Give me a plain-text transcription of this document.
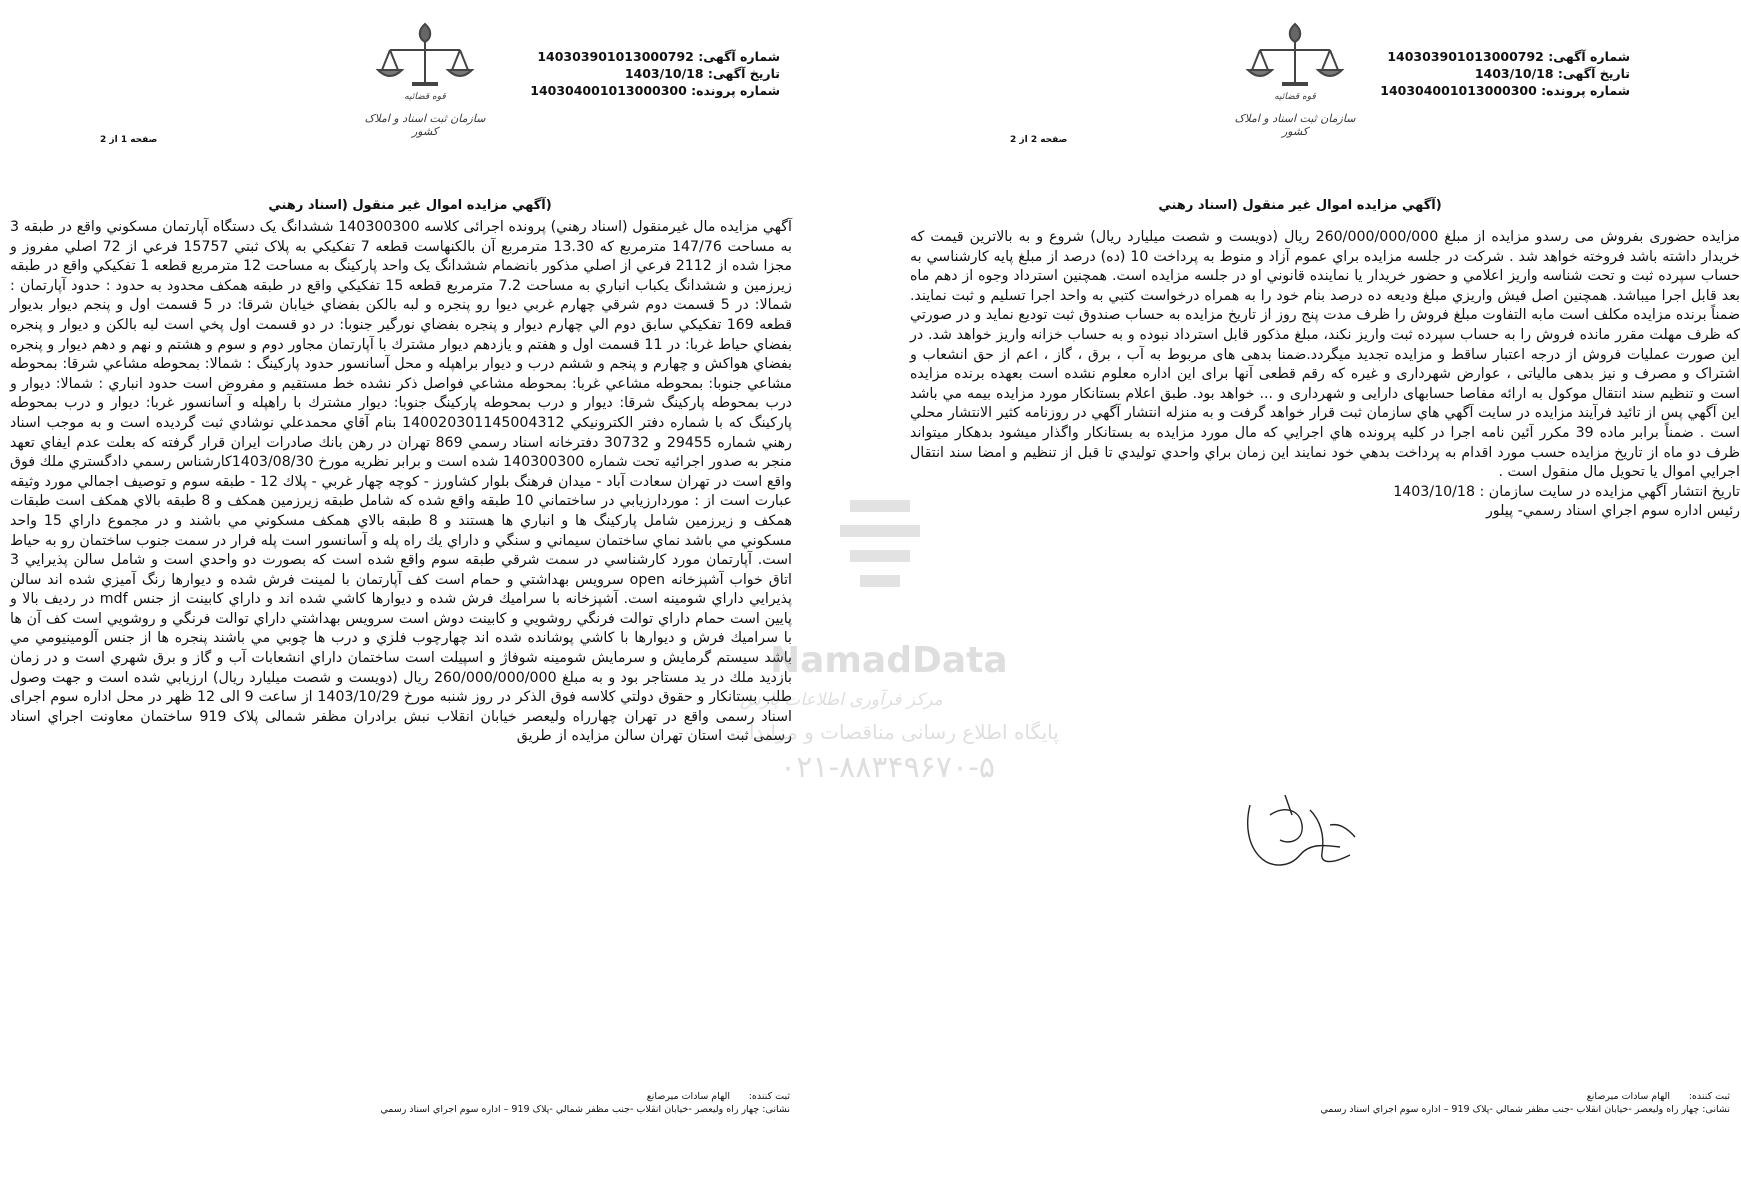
شماره آگهی: 140303901013000792
تاریخ آگهی: 1403/10/18
شماره پرونده: 140304001013000300
قوه قضائیه
سازمان ثبت اسناد و املاک کشور
صفحه 1 از 2
(آگهي مزايده اموال غير منقول (اسناد رهني

آگهي مزايده مال غيرمنقول (اسناد رهني) پرونده اجرائی كلاسه 140300300 ششدانگ یک دستگاه آپارتمان مسکوني واقع در طبقه 3 به مساحت 147/76 مترمربع که 13.30 مترمربع آن بالكنهاست قطعه 7 تفكيكي به پلاک ثبتي 15757 فرعي از 72 اصلي مفروز و مجزا شده از 2112 فرعي از اصلي مذكور بانضمام ششدانگ یک واحد پارکينگ به مساحت 12 مترمربع قطعه 1 تفكيكي واقع در طبقه زيرزمين و ششدانگ يكباب انباري به مساحت 7.2 مترمربع قطعه 15 تفكيكي واقع در طبقه همكف محدود به حدود : حدود آپارتمان : شمالا: در 5 قسمت دوم شرقي چهارم غربي ديوا رو پنجره و لبه بالكن بفضاي خيابان شرقا: در 5 قسمت اول و پنجم ديوار بديوار قطعه 169 تفكيكي سابق دوم الي چهارم ديوار و پنجره بفضاي نورگير جنوبا: در دو قسمت اول پخي است لبه بالكن و ديوار و پنجره بفضاي حياط غربا: در 11 قسمت اول و هفتم و يازدهم ديوار مشترك با آپارتمان مجاور دوم و سوم و هشتم و نهم و دهم ديوار و پنجره بفضاي هواكش و چهارم و پنجم و ششم درب و ديوار براهپله و محل آسانسور حدود پاركينگ : شمالا: بمحوطه مشاعي شرقا: بمحوطه مشاعي جنوبا: بمحوطه مشاعي غربا: بمحوطه مشاعي فواصل ذكر نشده خط مستقيم و مفروض است حدود انباري : شمالا: ديوار و درب بمحوطه پاركينگ شرقا: ديوار و درب بمحوطه پاركينگ جنوبا: ديوار مشترك با راهپله و آسانسور غربا: ديوار و درب بمحوطه پاركينگ كه با شماره دفتر الكترونيكي 140020301145004312 بنام آقاي محمدعلي نوشادي ثبت گرديده است و به موجب اسناد رهني شماره 29455 و 30732 دفترخانه اسناد رسمي 869 تهران در رهن بانك صادرات ايران قرار گرفته كه بعلت عدم ايفاي تعهد منجر به صدور اجرائيه تحت شماره 140300300 شده است و برابر نظريه مورخ 1403/08/30كارشناس رسمي دادگستري ملك فوق واقع است در تهران سعادت آباد - ميدان فرهنگ بلوار كشاورز - كوچه چهار غربي - پلاك 12 - طبقه سوم و توصيف اجمالي مورد وثيقه عبارت است از : موردارزيابي در ساختماني 10 طبقه واقع شده كه شامل طبقه زيرزمين همكف و 8 طبقه بالاي همكف است طبقات همكف و زيرزمين شامل پاركينگ ها و انباري ها هستند و 8 طبقه بالاي همكف مسكوني مي باشند و در مجموع داراي 15 واحد مسكوني مي باشد نماي ساختمان سيماني و سنگي و داراي يك راه پله و آسانسور است پله فرار در سمت جنوب ساختمان رو به حياط است. آپارتمان مورد كارشناسي در سمت شرقي طبقه سوم واقع شده است كه بصورت دو واحدي است و شامل سالن پذيرايي 3 اتاق خواب آشپزخانه open سرويس بهداشتي و حمام است كف آپارتمان با لمينت فرش شده و ديوارها رنگ آميزي شده اند سالن پذيرايي داراي شومينه است. آشپزخانه با سراميك فرش شده و ديوارها كاشي شده اند و داراي كابينت از جنس mdf در رديف بالا و پايين است حمام داراي توالت فرنگي روشويي و كابينت دوش است سرويس بهداشتي داراي توالت فرنگي و روشويي است كف آن ها با سراميك فرش و ديوارها با كاشي پوشانده شده اند چهارچوب فلزي و درب ها چوبي مي باشند پنجره ها از جنس آلومينيومي مي باشد سيستم گرمايش و سرمايش شومينه شوفاژ و اسپيلت است ساختمان داراي انشعابات آب و گاز و برق شهري است و در زمان بازديد ملك در يد مستاجر بود و به مبلغ 260/000/000/000 ريال (دويست و شصت ميليارد ريال) ارزيابي شده است و جهت وصول طلب بستانكار و حقوق دولتي كلاسه فوق الذكر در روز شنبه مورخ 1403/10/29 از ساعت 9 الی 12 ظهر در محل اداره سوم اجرای اسناد رسمی واقع در تهران چهارراه وليعصر خيابان انقلاب نبش برادران مظفر شمالی پلاک 919 ساختمان معاونت اجراي اسناد رسمی ثبت استان تهران سالن مزايده از طريق

ثبت کننده:الهام سادات ميرصانع
نشانی: چهار راه وليعصر -خيابان انقلاب -جنب مظفر شمالي -پلاک 919 – اداره سوم اجراي اسناد رسمي
شماره آگهی: 140303901013000792
تاریخ آگهی: 1403/10/18
شماره پرونده: 140304001013000300
قوه قضائیه
سازمان ثبت اسناد و املاک کشور
صفحه 2 از 2
(آگهي مزايده اموال غير منقول (اسناد رهني

مزایده حضوری بفروش می رسدو مزايده از مبلغ 260/000/000/000 ريال (دويست و شصت ميليارد ريال) شروع و به بالاترين قيمت كه خريدار داشته باشد فروخته خواهد شد . شركت در جلسه مزايده براي عموم آزاد و منوط به پرداخت 10 (ده) درصد از مبلغ پايه كارشناسي به حساب سپرده ثبت و تحت شناسه واريز اعلامي و حضور خريدار يا نماينده قانوني او در جلسه مزايده است. همچنين استرداد وجوه از دهم ماه بعد قابل اجرا ميباشد. همچنين اصل فيش واريزي مبلغ وديعه ده درصد بنام خود را به همراه درخواست كتبي به واحد اجرا تسليم و ثبت نمايند. ضمناً برنده مزايده مكلف است مابه التفاوت مبلغ فروش را ظرف مدت پنج روز از تاريخ مزايده به حساب صندوق ثبت توديع نمايد و در صورتي كه ظرف مهلت مقرر مانده فروش را به حساب سپرده ثبت واريز نكند، مبلغ مذكور قابل استرداد نبوده و به حساب خزانه واريز خواهد شد. در اين صورت عمليات فروش از درجه اعتبار ساقط و مزايده تجديد ميگردد.ضمنا بدهی های مربوط به آب ، برق ، گاز ، اعم از حق انشعاب و اشتراک و مصرف و نیز بدهی مالیاتی ، عوارض شهرداری و غیره که رقم قطعی آنها برای این اداره معلوم نشده است بعهده برنده مزایده است و تنظیم سند انتقال موكول به ارائه مفاصا حسابهای دارایی و شهرداری و ... خواهد بود. طبق اعلام بستانكار مورد مزايده بيمه مي باشد اين آگهي پس از تائيد فرآيند مزايده در سايت آگهي هاي سازمان ثبت قرار خواهد گرفت و به منزله انتشار آگهي در روزنامه كثير الانتشار محلي است . ضمناً برابر ماده 39 مكرر آئين نامه اجرا در كليه پرونده هاي اجرايي كه مال مورد مزايده به بستانكار واگذار ميشود بدهكار ميتواند ظرف دو ماه از تاريخ مزايده حسب مورد اقدام به پرداخت بدهي خود نمايند اين زمان براي واحدي توليدي تا قبل از تنظيم و امضا سند انتقال اجرايي اموال يا تحويل مال منقول است .

تاريخ انتشار آگهي مزايده در سايت سازمان : 1403/10/18

رئيس اداره سوم اجراي اسناد رسمي- پيلور

ثبت کننده:الهام سادات ميرصانع
نشانی: چهار راه وليعصر -خيابان انقلاب -جنب مظفر شمالي -پلاک 919 – اداره سوم اجراي اسناد رسمي
NamadData
مرکز فرآوری اطلاعات پارس
پایگاه اطلاع رسانی مناقصات و مزایدات
۰۲۱-۸۸۳۴۹۶۷۰-۵
